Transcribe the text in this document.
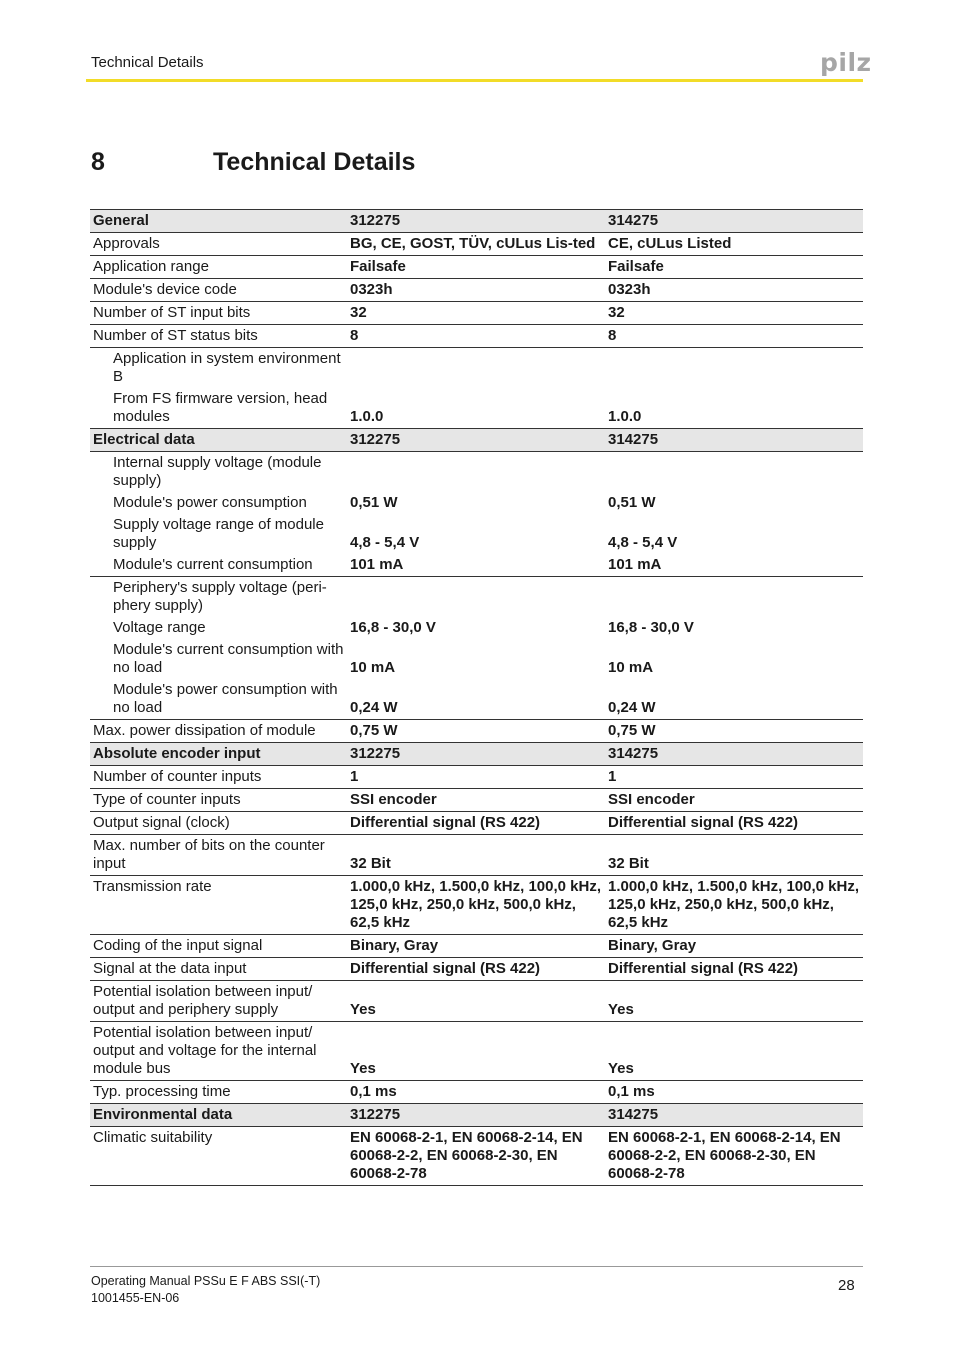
Technical Details	pilz
8	Technical Details
General	312275	314275
Approvals	BG, CE, GOST, TÜV, cULus Lis-ted	CE, cULus Listed
Application range	Failsafe	Failsafe
Module's device code	0323h	0323h
Number of ST input bits	32	32
Number of ST status bits	8	8
Application in system environment B		
From FS firmware version, head modules	1.0.0	1.0.0
Electrical data	312275	314275
Internal supply voltage (module supply)		
Module's power consumption	0,51 W	0,51 W
Supply voltage range of module supply	4,8 - 5,4 V	4,8 - 5,4 V
Module's current consumption	101 mA	101 mA
Periphery's supply voltage (peri-phery supply)		
Voltage range	16,8 - 30,0 V	16,8 - 30,0 V
Module's current consumption with no load	10 mA	10 mA
Module's power consumption with no load	0,24 W	0,24 W
Max. power dissipation of module	0,75 W	0,75 W
Absolute encoder input	312275	314275
Number of counter inputs	1	1
Type of counter inputs	SSI encoder	SSI encoder
Output signal (clock)	Differential signal (RS 422)	Differential signal (RS 422)
Max. number of bits on the counter input	32 Bit	32 Bit
Transmission rate	1.000,0 kHz, 1.500,0 kHz, 100,0 kHz, 125,0 kHz, 250,0 kHz, 500,0 kHz, 62,5 kHz	1.000,0 kHz, 1.500,0 kHz, 100,0 kHz, 125,0 kHz, 250,0 kHz, 500,0 kHz, 62,5 kHz
Coding of the input signal	Binary, Gray	Binary, Gray
Signal at the data input	Differential signal (RS 422)	Differential signal (RS 422)
Potential isolation between input/ output and periphery supply	Yes	Yes
Potential isolation between input/ output and voltage for the internal module bus	Yes	Yes
Typ. processing time	0,1 ms	0,1 ms
Environmental data	312275	314275
Climatic suitability	EN 60068-2-1, EN 60068-2-14, EN 60068-2-2, EN 60068-2-30, EN 60068-2-78	EN 60068-2-1, EN 60068-2-14, EN 60068-2-2, EN 60068-2-30, EN 60068-2-78
Operating Manual PSSu E F ABS SSI(-T)
1001455-EN-06
28
